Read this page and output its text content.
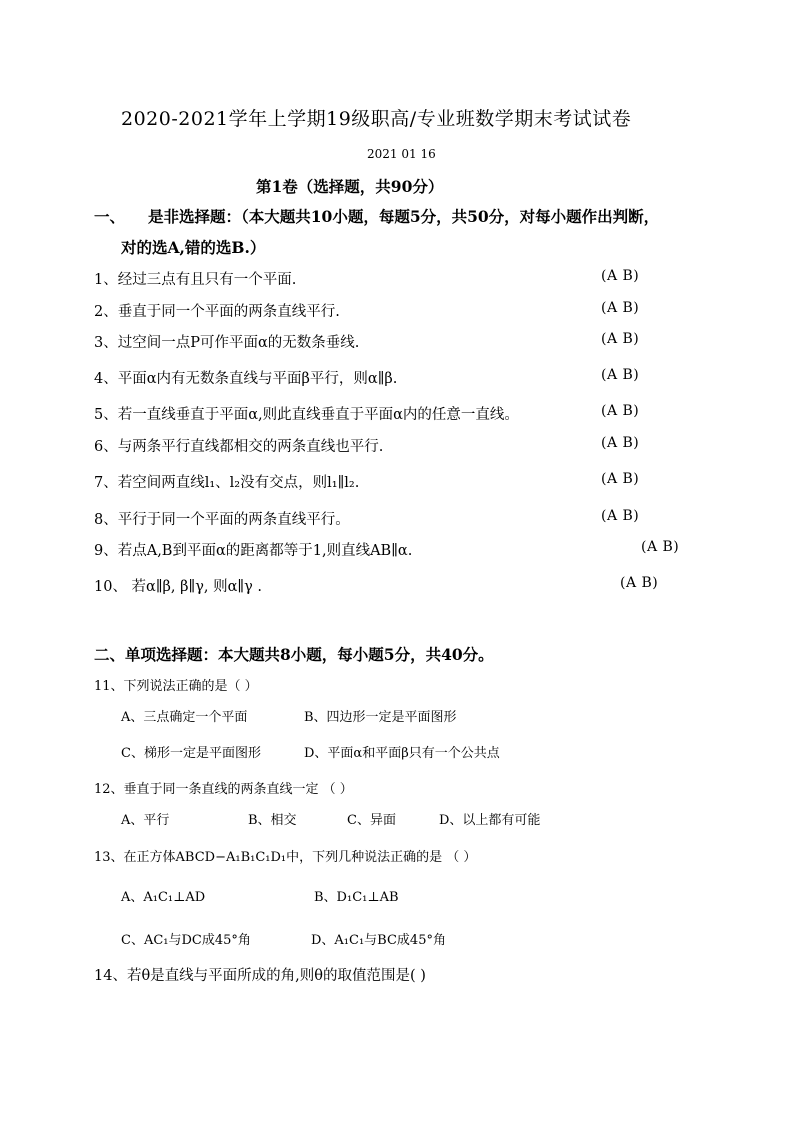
2020-2021学年上学期19级职高/专业班数学期末考试试卷
2021 01 16
第1卷（选择题，共90分）
一、 是非选择题：（本大题共10小题，每题5分，共50分，对每小题作出判断，
对的选A,错的选B.）
1、经过三点有且只有一个平面.	(A B)
2、垂直于同一个平面的两条直线平行.	(A B)
3、过空间一点P可作平面α的无数条垂线.	(A B)
4、平面α内有无数条直线与平面β平行，则α∥β.	(A B)
5、若一直线垂直于平面α,则此直线垂直于平面α内的任意一直线。	(A B)
6、与两条平行直线都相交的两条直线也平行.	(A B)
7、若空间两直线l₁、l₂没有交点，则l₁∥l₂.	(A B)
8、平行于同一个平面的两条直线平行。	(A B)
9、若点A,B到平面α的距离都等于1,则直线AB∥α.	(A B)
10、 若α∥β, β∥γ, 则α∥γ .	(A B)
二、单项选择题：本大题共8小题，每小题5分，共40分。
11、下列说法正确的是（ ）
A、三点确定一个平面	B、四边形一定是平面图形
C、梯形一定是平面图形	D、平面α和平面β只有一个公共点
12、垂直于同一条直线的两条直线一定 （ ）
A、平行	B、相交	C、异面	D、以上都有可能
13、在正方体ABCD−A₁B₁C₁D₁中，下列几种说法正确的是 （ ）
A、A₁C₁⊥AD	B、D₁C₁⊥AB
C、AC₁与DC成45°角	D、A₁C₁与BC成45°角
14、若θ是直线与平面所成的角,则θ的取值范围是( )
